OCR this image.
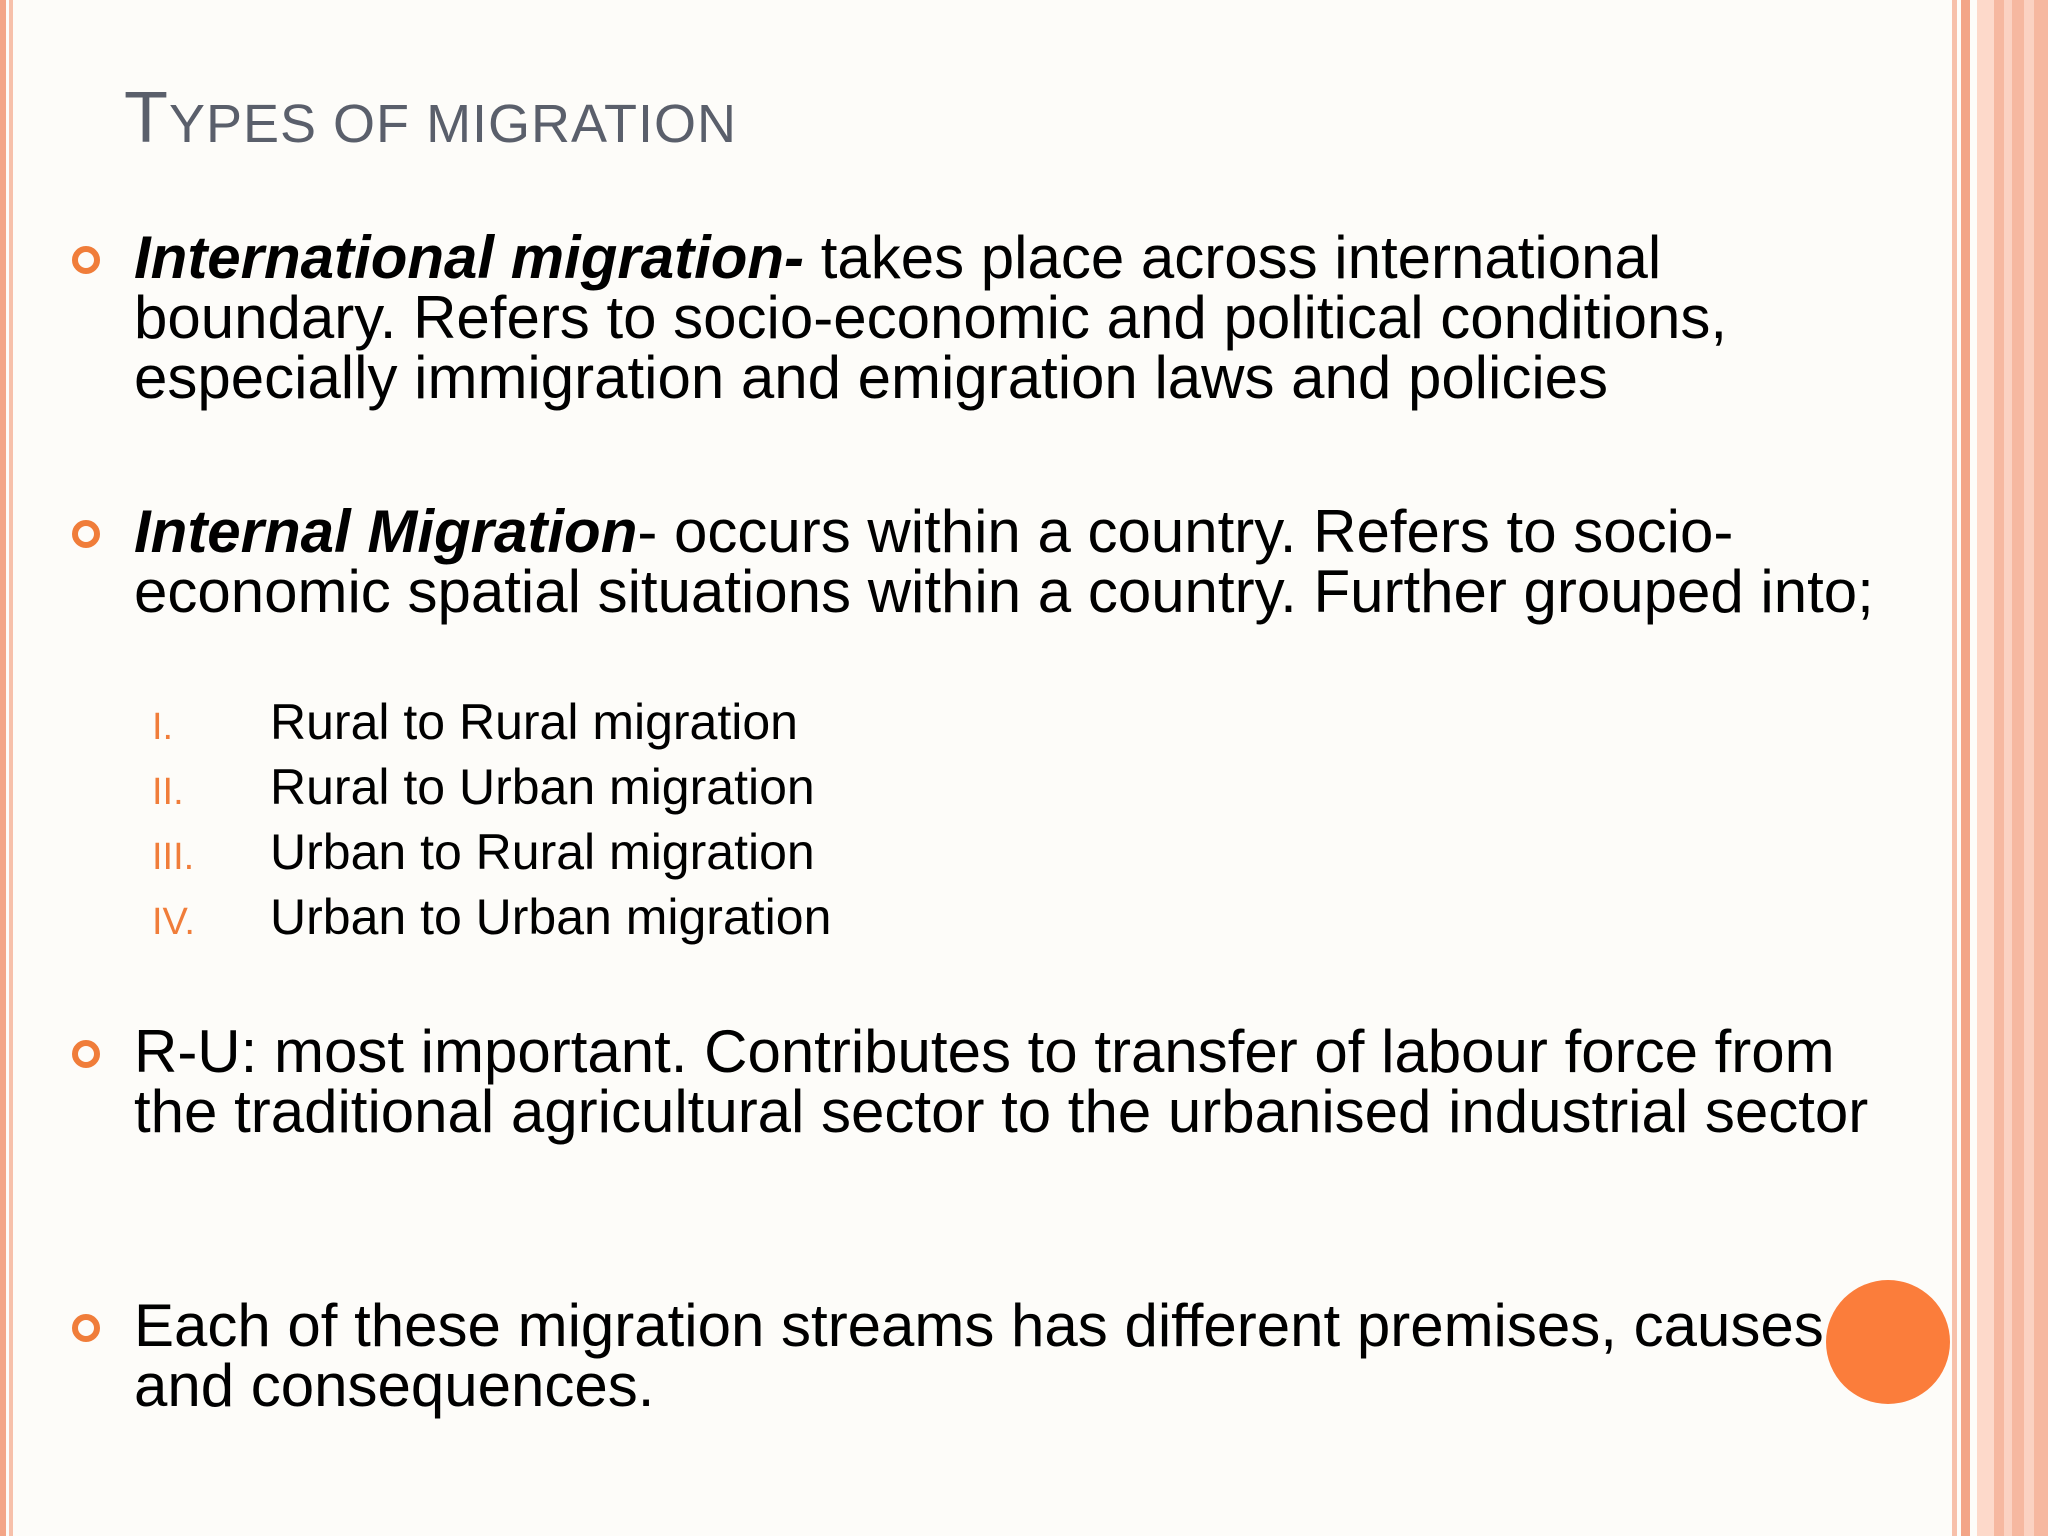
TYPES OF MIGRATION
International migration- takes place across international boundary. Refers to socio-economic and political conditions, especially immigration and emigration laws and policies
Internal Migration- occurs within a country. Refers to socio-economic spatial situations within a country. Further grouped into;
I. Rural to Rural migration
II. Rural to Urban migration
III. Urban to Rural migration
IV. Urban to Urban migration
R-U: most important. Contributes to transfer of labour force from the traditional agricultural sector to the urbanised industrial sector
Each of these migration streams has different premises, causes and consequences.
